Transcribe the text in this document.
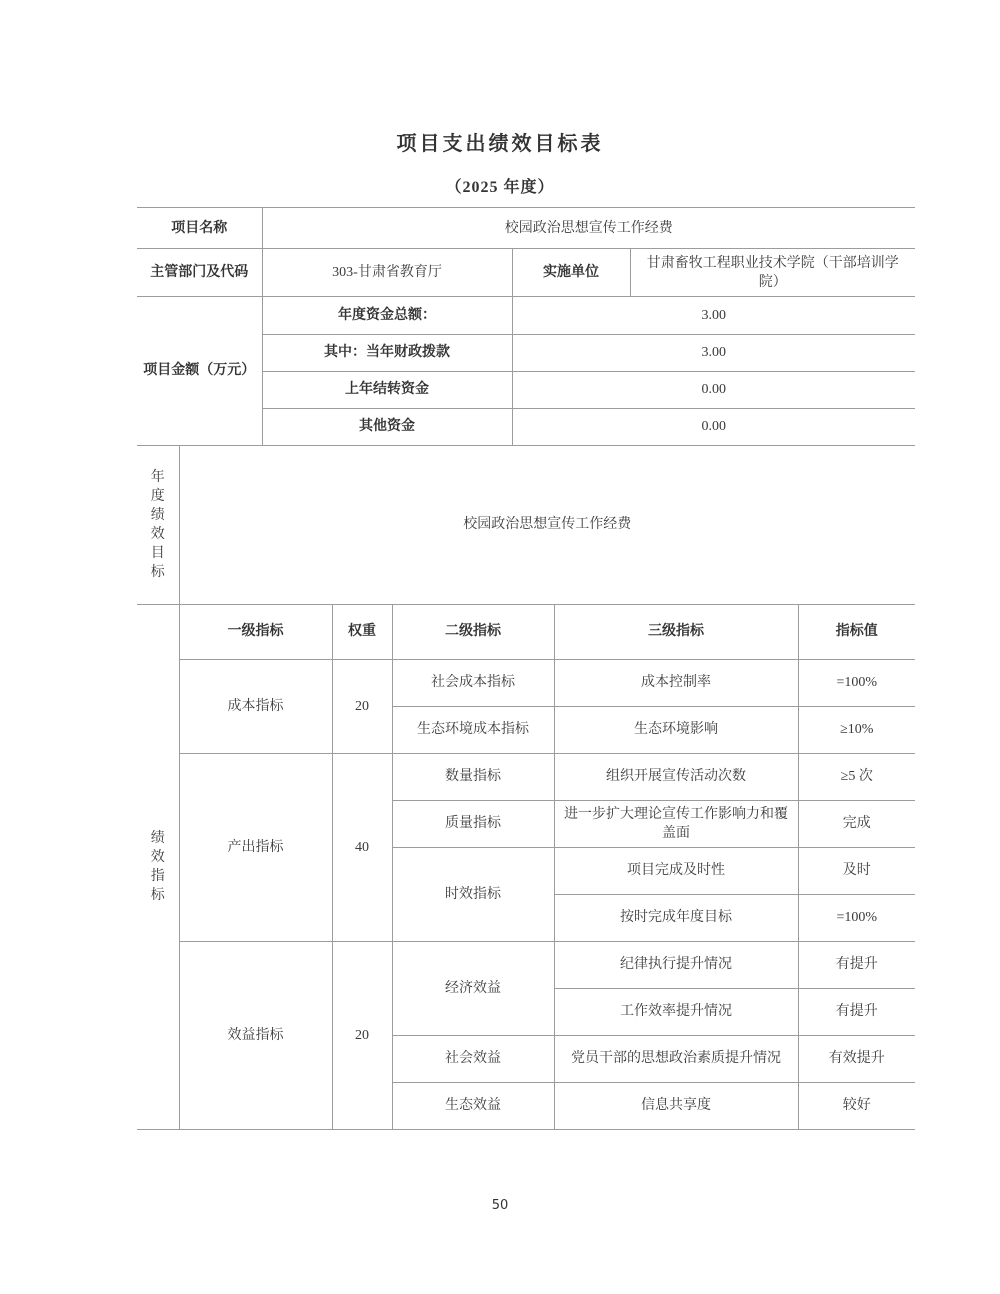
项目支出绩效目标表
（2025 年度）
项目名称	校园政治思想宣传工作经费		
主管部门及代码	303-甘肃省教育厅	实施单位	甘肃畜牧工程职业技术学院（干部培训学院）
项目金额（万元）	年度资金总额：	3.00
	其中：当年财政拨款	3.00
	上年结转资金	0.00
	其他资金	0.00
年度绩效目标	校园政治思想宣传工作经费
绩效指标	一级指标	权重	二级指标	三级指标	指标值
	成本指标	20	社会成本指标	成本控制率	=100%
			生态环境成本指标	生态环境影响	≥10%
	产出指标	40	数量指标	组织开展宣传活动次数	≥5 次
			质量指标	进一步扩大理论宣传工作影响力和覆盖面	完成
			时效指标	项目完成及时性	及时
				按时完成年度目标	=100%
	效益指标	20	经济效益	纪律执行提升情况	有提升
				工作效率提升情况	有提升
			社会效益	党员干部的思想政治素质提升情况	有效提升
			生态效益	信息共享度	较好
50
